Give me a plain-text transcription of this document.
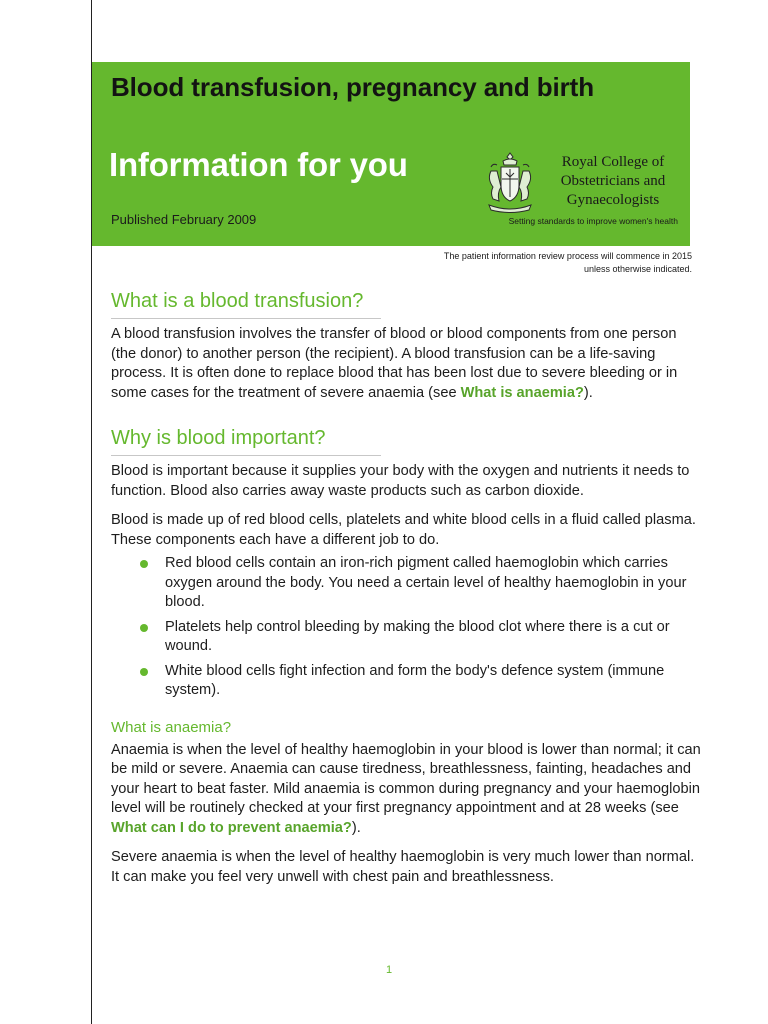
Blood transfusion, pregnancy and birth
Information for you
Published February 2009
Royal College of
Obstetricians and
Gynaecologists
Setting standards to improve women's health
The patient information review process will commence in 2015
unless otherwise indicated.
What is a blood transfusion?

A blood transfusion involves the transfer of blood or blood components from one person (the donor) to another person (the recipient). A blood transfusion can be a life-saving process. It is often done to replace blood that has been lost due to severe bleeding or in some cases for the treatment of severe anaemia (see What is anaemia?).

Why is blood important?

Blood is important because it supplies your body with the oxygen and nutrients it needs to function. Blood also carries away waste products such as carbon dioxide.

Blood is made up of red blood cells, platelets and white blood cells in a fluid called plasma. These components each have a different job to do.

Red blood cells contain an iron-rich pigment called haemoglobin which carries oxygen around the body. You need a certain level of healthy haemoglobin in your blood.
Platelets help control bleeding by making the blood clot where there is a cut or wound.
White blood cells fight infection and form the body's defence system (immune system).
What is anaemia?

Anaemia is when the level of healthy haemoglobin in your blood is lower than normal; it can be mild or severe. Anaemia can cause tiredness, breathlessness, fainting, headaches and your heart to beat faster. Mild anaemia is common during pregnancy and your haemoglobin level will be routinely checked at your first pregnancy appointment and at 28 weeks (see What can I do to prevent anaemia?).

Severe anaemia is when the level of healthy haemoglobin is very much lower than normal. It can make you feel very unwell with chest pain and breathlessness.

1
